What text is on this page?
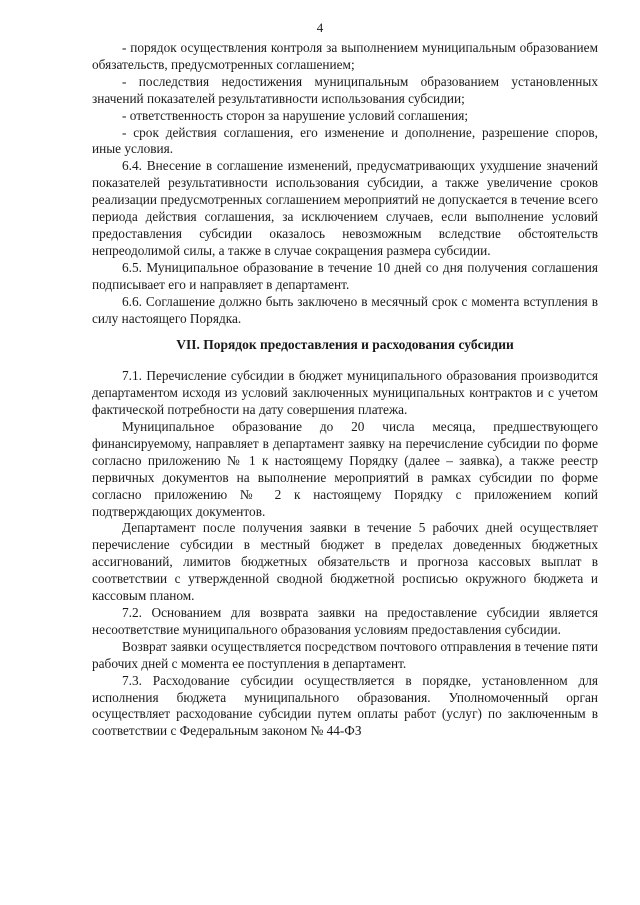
4

- порядок осуществления контроля за выполнением муниципальным образованием обязательств, предусмотренных соглашением;

- последствия недостижения муниципальным образованием установленных значений показателей результативности использования субсидии;

- ответственность сторон за нарушение условий соглашения;

- срок действия соглашения, его изменение и дополнение, разрешение споров, иные условия.

6.4. Внесение в соглашение изменений, предусматривающих ухудшение значений показателей результативности использования субсидии, а также увеличение сроков реализации предусмотренных соглашением мероприятий не допускается в течение всего периода действия соглашения, за исключением случаев, если выполнение условий предоставления субсидии оказалось невозможным вследствие обстоятельств непреодолимой силы, а также в случае сокращения размера субсидии.

6.5. Муниципальное образование в течение 10 дней со дня получения соглашения подписывает его и направляет в департамент.

6.6. Соглашение должно быть заключено в месячный срок с момента вступления в силу настоящего Порядка.

VII. Порядок предоставления и расходования субсидии

7.1. Перечисление субсидии в бюджет муниципального образования производится департаментом исходя из условий заключенных муниципальных контрактов и с учетом фактической потребности на дату совершения платежа.

Муниципальное образование до 20 числа месяца, предшествующего финансируемому, направляет в департамент заявку на перечисление субсидии по форме согласно приложению № 1 к настоящему Порядку (далее – заявка), а также реестр первичных документов на выполнение мероприятий в рамках субсидии по форме согласно приложению № 2 к настоящему Порядку с приложением копий подтверждающих документов.

Департамент после получения заявки в течение 5 рабочих дней осуществляет перечисление субсидии в местный бюджет в пределах доведенных бюджетных ассигнований, лимитов бюджетных обязательств и прогноза кассовых выплат в соответствии с утвержденной сводной бюджетной росписью окружного бюджета и кассовым планом.

7.2. Основанием для возврата заявки на предоставление субсидии является несоответствие муниципального образования условиям предоставления субсидии.

Возврат заявки осуществляется посредством почтового отправления в течение пяти рабочих дней с момента ее поступления в департамент.

7.3. Расходование субсидии осуществляется в порядке, установленном для исполнения бюджета муниципального образования. Уполномоченный орган осуществляет расходование субсидии путем оплаты работ (услуг) по заключенным в соответствии с Федеральным законом № 44-ФЗ
